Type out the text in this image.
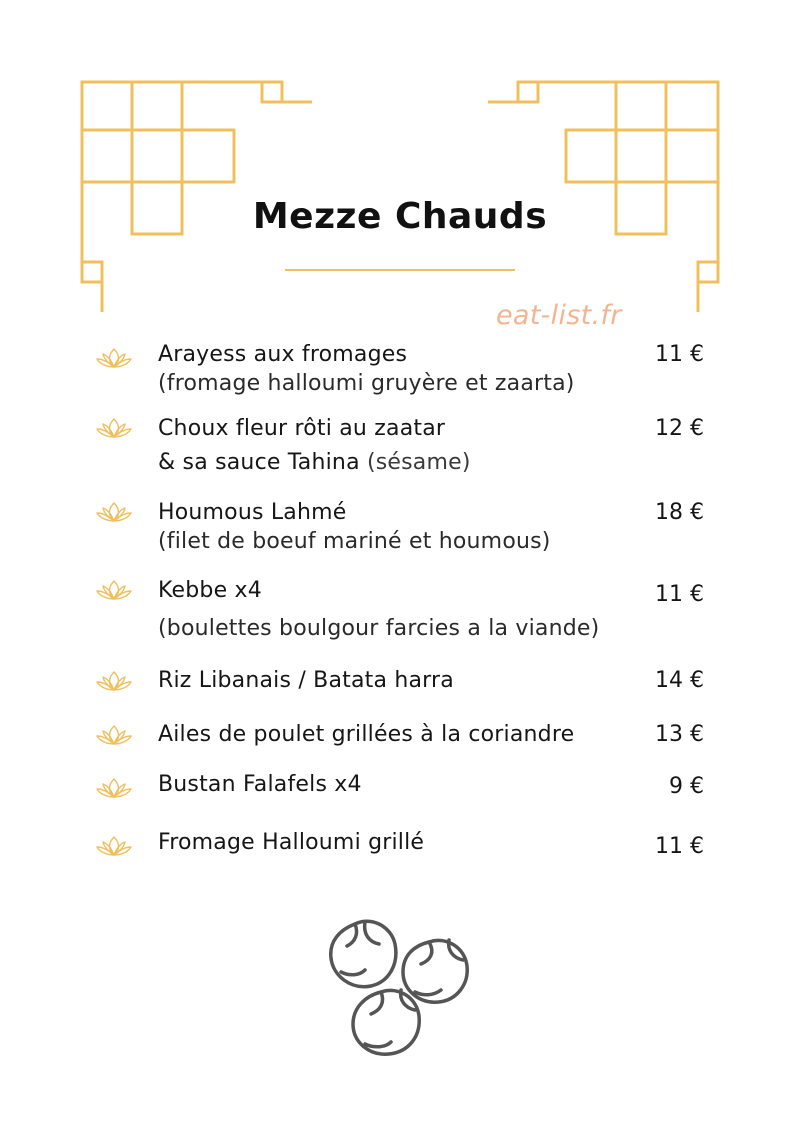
Mezze Chauds
eat-list.fr
Arayess aux fromages
(fromage halloumi gruyère et zaarta)
11 €
Choux fleur rôti au zaatar
& sa sauce Tahina (sésame)
12 €
Houmous Lahmé
(filet de boeuf mariné et houmous)
18 €
Kebbe x4
(boulettes boulgour farcies a la viande)
11 €
Riz Libanais / Batata harra	14 €
Ailes de poulet grillées à la coriandre	13 €
Bustan Falafels x4	9 €
Fromage Halloumi grillé	11 €
